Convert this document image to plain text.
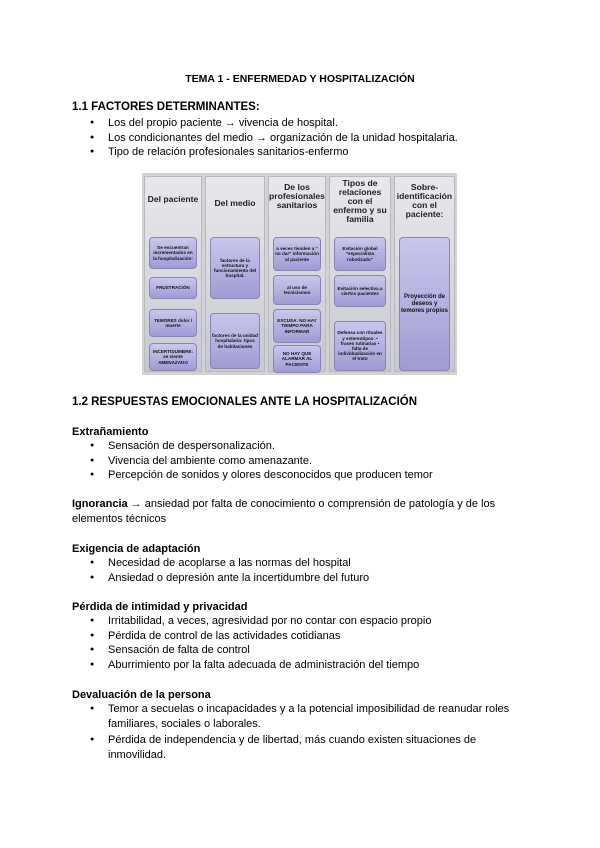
TEMA 1 - ENFERMEDAD Y HOSPITALIZACIÓN
1.1 FACTORES DETERMINANTES:
● Los del propio paciente → vivencia de hospital.
● Los condicionantes del medio → organización de la unidad hospitalaria.
● Tipo de relación profesionales sanitarios-enfermo
Del paciente
Se encuentran incrementados en la hospitalización:
FRUSTRACIÓN
TEMORES dolor / muerte
INCERTIDUMBRE: se siente AMENAZADO
Del medio
factores de la estructura y funcionamiento del hospital.
factores de la unidad hospitalaria: tipos de habitaciones
De los profesionales sanitarios
a veces tienden a " no dar" información al paciente
al uso de tecnicismos
EXCUSA: NO HAY TIEMPO PARA INFORMAR
NO HAY QUE ALARMAR AL PACIENTE
Tipos de relaciones con el enfermo y su familia
Evitación global "especialista robotizado"
Evitación selectiva a ciertos pacientes
Defensa con rituales y estereotipos: • frases rutinarias • falta de individualización en el trato
Sobre-identificación con el paciente:
Proyección de deseos y temores propios
1.2 RESPUESTAS EMOCIONALES ANTE LA HOSPITALIZACIÓN
Extrañamiento
● Sensación de despersonalización.
● Vivencia del ambiente como amenazante.
● Percepción de sonidos y olores desconocidos que producen temor
Ignorancia → ansiedad por falta de conocimiento o comprensión de patología y de los elementos técnicos
Exigencia de adaptación
● Necesidad de acoplarse a las normas del hospital
● Ansiedad o depresión ante la incertidumbre del futuro
Pérdida de intimidad y privacidad
● Irritabilidad, a veces, agresividad por no contar con espacio propio
● Pérdida de control de las actividades cotidianas
● Sensación de falta de control
● Aburrimiento por la falta adecuada de administración del tiempo
Devaluación de la persona
● Temor a secuelas o incapacidades y a la potencial imposibilidad de reanudar roles familiares, sociales o laborales.
● Pérdida de independencia y de libertad, más cuando existen situaciones de inmovilidad.
